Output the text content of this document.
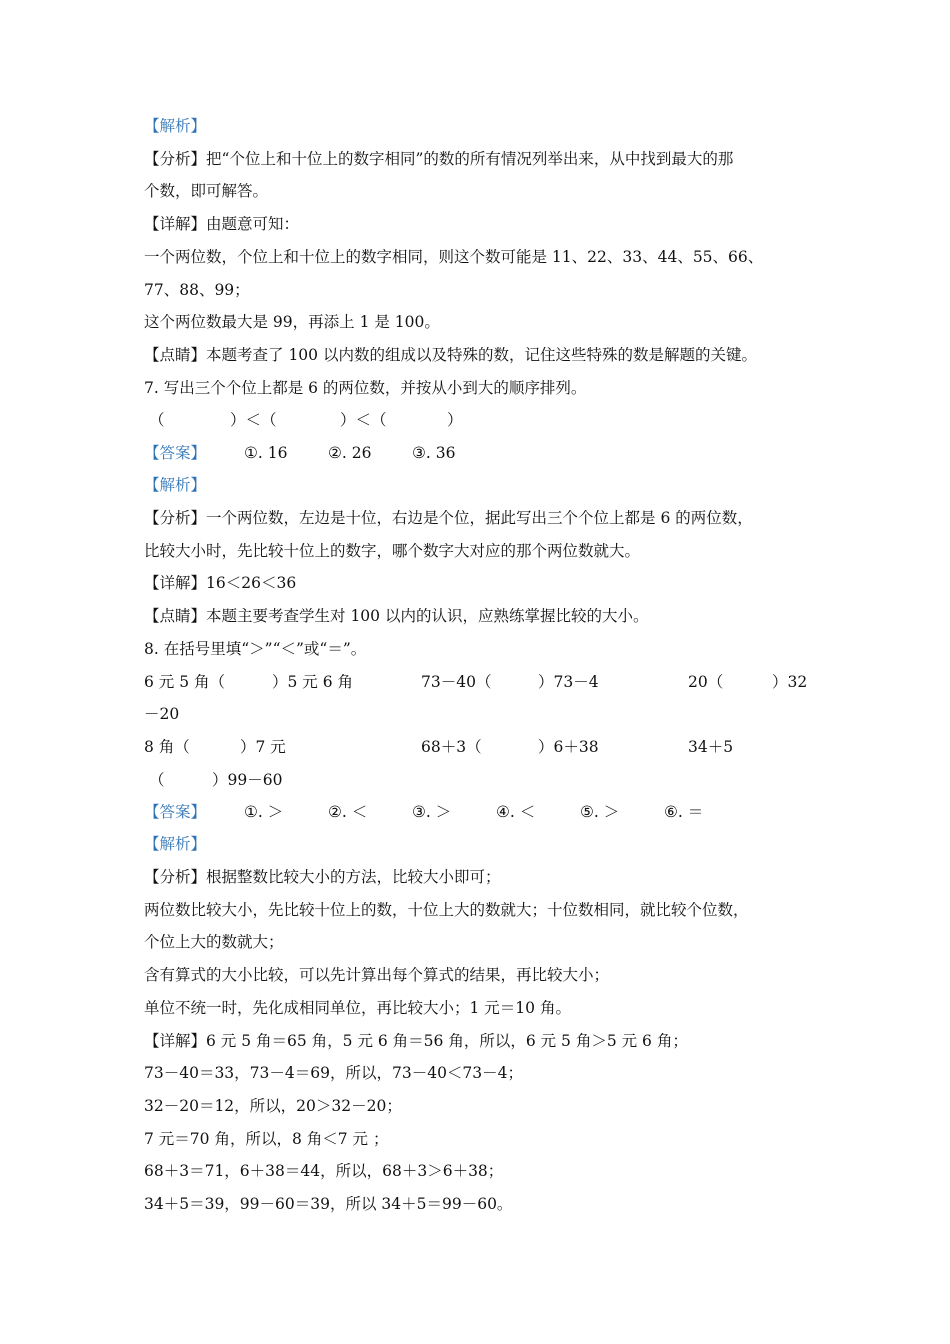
【解析】
【分析】把“个位上和十位上的数字相同”的数的所有情况列举出来，从中找到最大的那
个数，即可解答。
【详解】由题意可知：
一个两位数，个位上和十位上的数字相同，则这个数可能是 11、22、33、44、55、66、
77、88、99；
这个两位数最大是 99，再添上 1 是 100。
【点睛】本题考查了 100 以内数的组成以及特殊的数，记住这些特殊的数是解题的关键。
7. 写出三个个位上都是 6 的两位数，并按从小到大的顺序排列。
（	）＜（	）＜（	）
【答案】 ①. 16	②. 26	③. 36
【解析】
【分析】一个两位数，左边是十位，右边是个位，据此写出三个个位上都是 6 的两位数，
比较大小时，先比较十位上的数字，哪个数字大对应的那个两位数就大。
【详解】16＜26＜36
【点睛】本题主要考查学生对 100 以内的认识，应熟练掌握比较的大小。
8. 在括号里填“＞”“＜”或“＝”。
6 元 5 角（	）5 元 6 角	73－40（	）73－4	20（	）32
－20
8 角（	）7 元	68＋3（	）6＋38	34＋5
（	）99－60
【答案】 ①. ＞	②. ＜	③. ＞	④. ＜	⑤. ＞	⑥. ＝
【解析】
【分析】根据整数比较大小的方法，比较大小即可；
两位数比较大小，先比较十位上的数，十位上大的数就大；十位数相同，就比较个位数，
个位上大的数就大；
含有算式的大小比较，可以先计算出每个算式的结果，再比较大小；
单位不统一时，先化成相同单位，再比较大小；1 元＝10 角。
【详解】6 元 5 角＝65 角，5 元 6 角＝56 角，所以，6 元 5 角＞5 元 6 角；
73－40＝33，73－4＝69，所以，73－40＜73－4；
32－20＝12，所以，20＞32－20；
7 元＝70 角，所以，8 角＜7 元 ；
68＋3＝71，6＋38＝44，所以，68＋3＞6＋38；
34＋5＝39，99－60＝39，所以 34＋5＝99－60。
